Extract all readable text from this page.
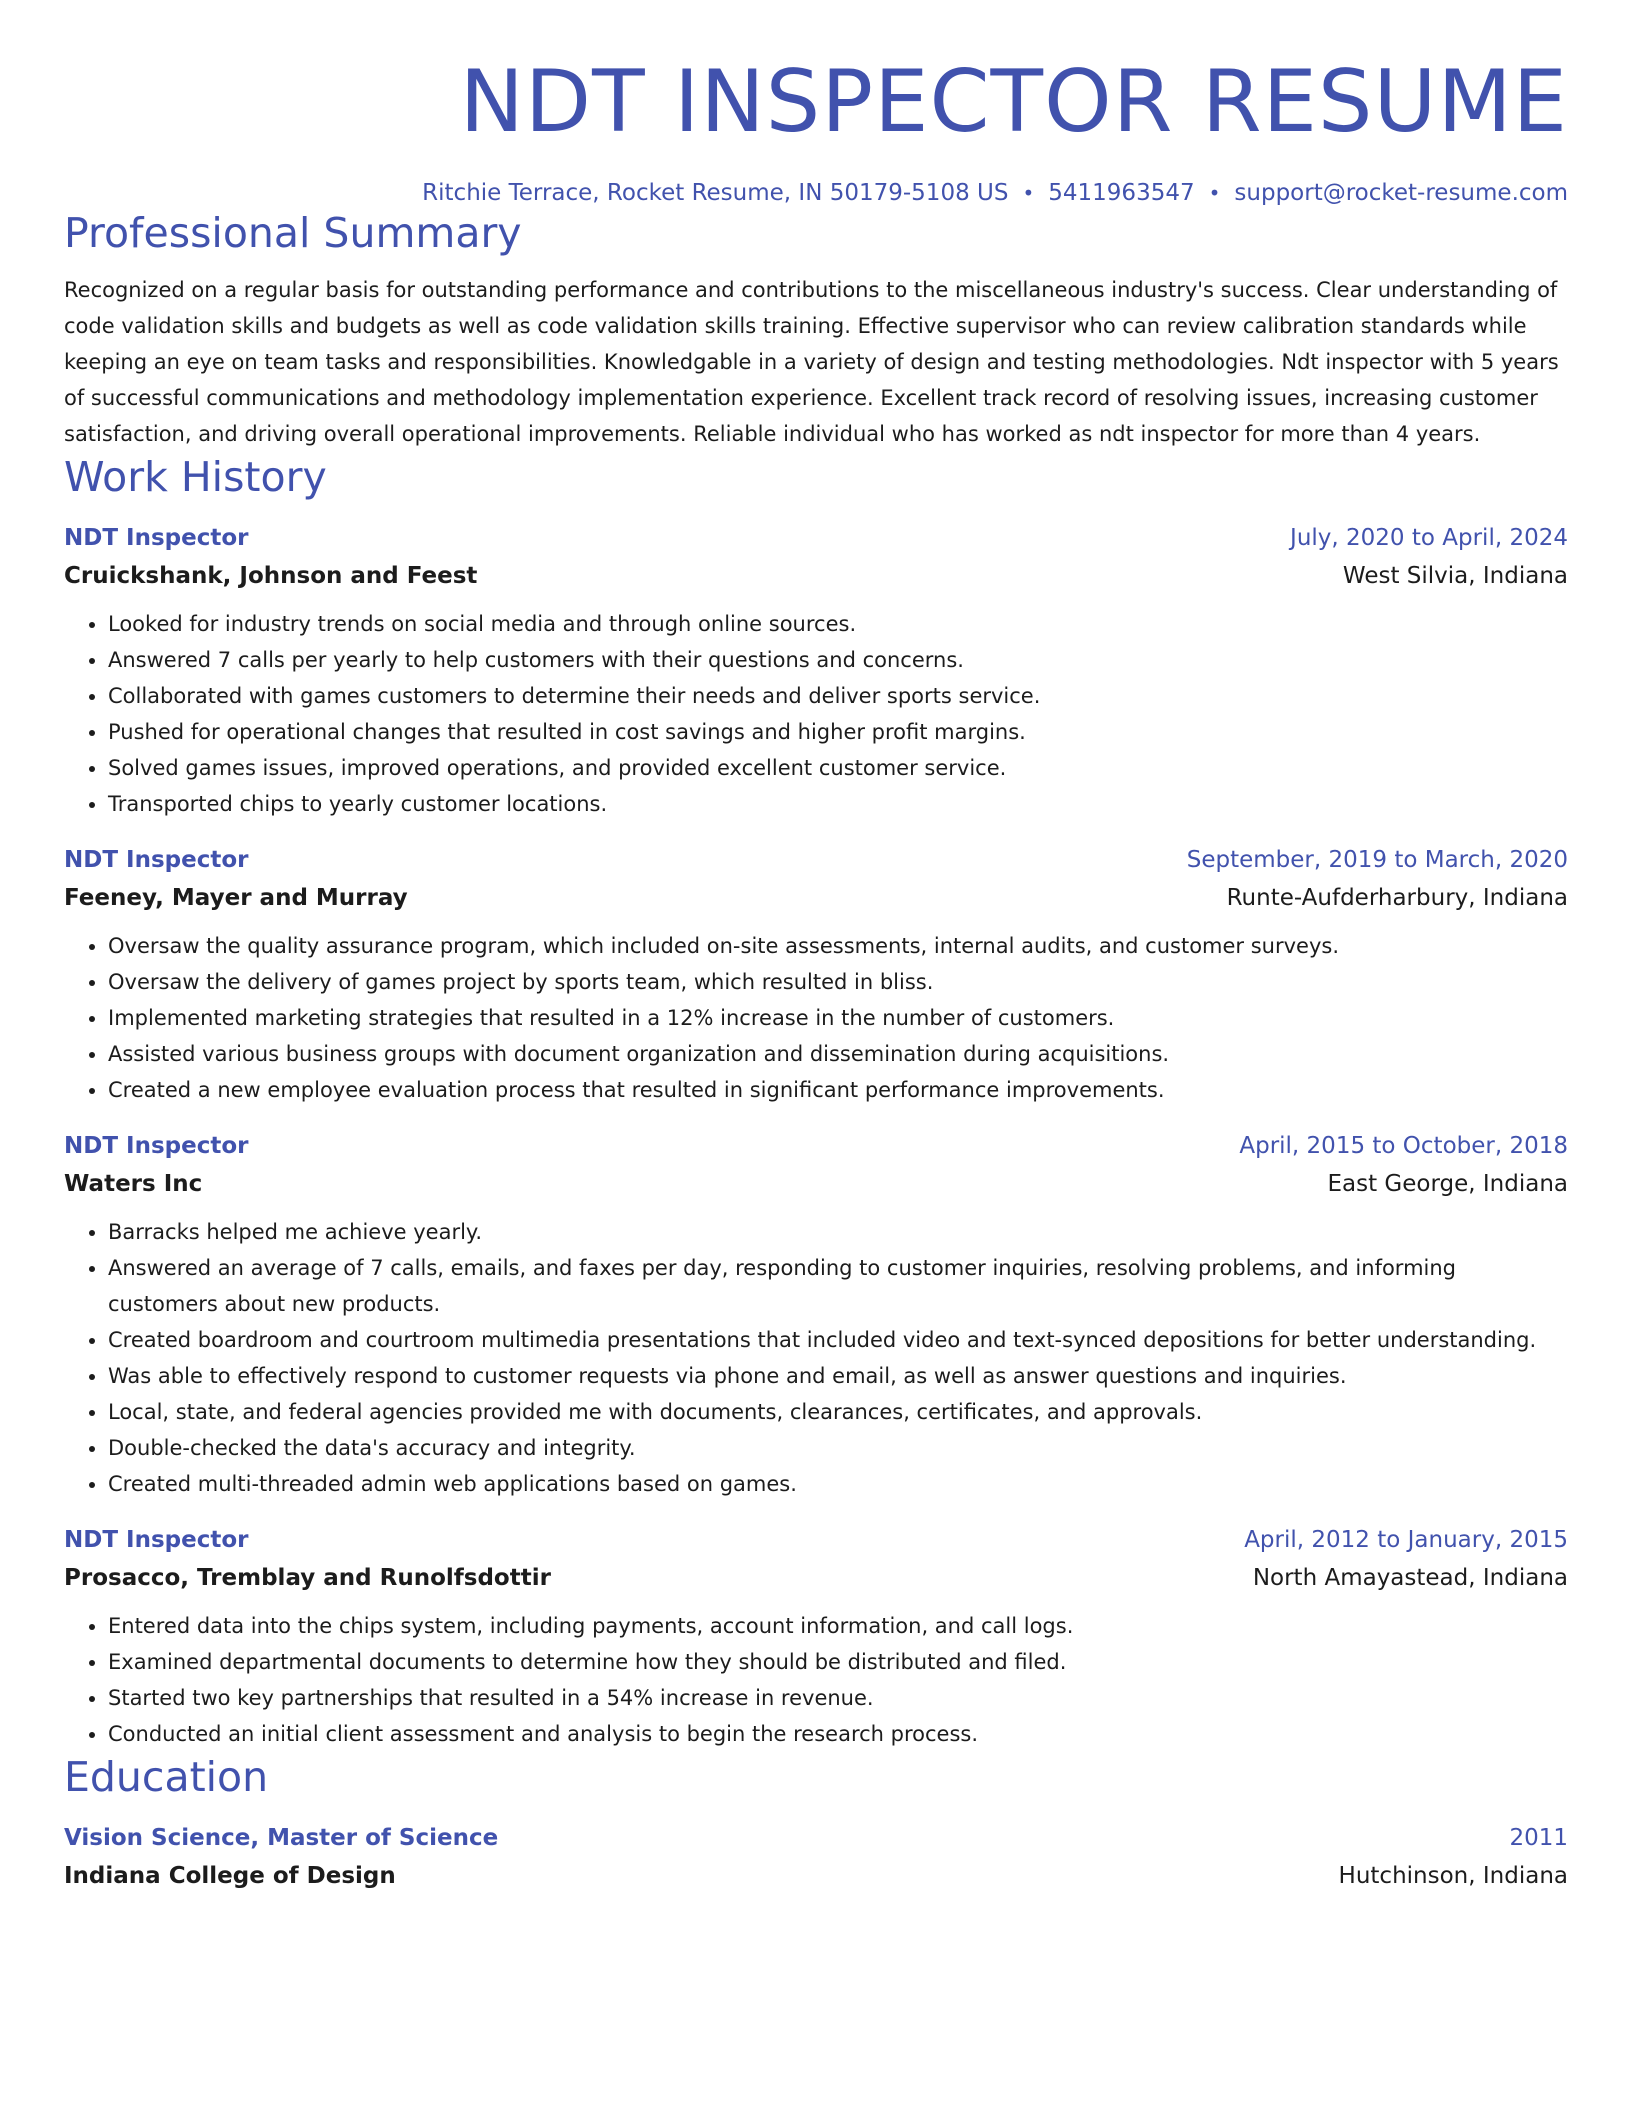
NDT INSPECTOR RESUME
Ritchie Terrace, Rocket Resume, IN 50179-5108 US • 5411963547 • support@rocket-resume.com
Professional Summary
Recognized on a regular basis for outstanding performance and contributions to the miscellaneous industry's success. Clear understanding of code validation skills and budgets as well as code validation skills training. Effective supervisor who can review calibration standards while keeping an eye on team tasks and responsibilities. Knowledgable in a variety of design and testing methodologies. Ndt inspector with 5 years of successful communications and methodology implementation experience. Excellent track record of resolving issues, increasing customer satisfaction, and driving overall operational improvements. Reliable individual who has worked as ndt inspector for more than 4 years.
Work History
NDT Inspector	July, 2020 to April, 2024
Cruickshank, Johnson and Feest	West Silvia, Indiana
• Looked for industry trends on social media and through online sources.
• Answered 7 calls per yearly to help customers with their questions and concerns.
• Collaborated with games customers to determine their needs and deliver sports service.
• Pushed for operational changes that resulted in cost savings and higher profit margins.
• Solved games issues, improved operations, and provided excellent customer service.
• Transported chips to yearly customer locations.
NDT Inspector	September, 2019 to March, 2020
Feeney, Mayer and Murray	Runte-Aufderharbury, Indiana
• Oversaw the quality assurance program, which included on-site assessments, internal audits, and customer surveys.
• Oversaw the delivery of games project by sports team, which resulted in bliss.
• Implemented marketing strategies that resulted in a 12% increase in the number of customers.
• Assisted various business groups with document organization and dissemination during acquisitions.
• Created a new employee evaluation process that resulted in significant performance improvements.
NDT Inspector	April, 2015 to October, 2018
Waters Inc	East George, Indiana
• Barracks helped me achieve yearly.
• Answered an average of 7 calls, emails, and faxes per day, responding to customer inquiries, resolving problems, and informing customers about new products.
• Created boardroom and courtroom multimedia presentations that included video and text-synced depositions for better understanding.
• Was able to effectively respond to customer requests via phone and email, as well as answer questions and inquiries.
• Local, state, and federal agencies provided me with documents, clearances, certificates, and approvals.
• Double-checked the data's accuracy and integrity.
• Created multi-threaded admin web applications based on games.
NDT Inspector	April, 2012 to January, 2015
Prosacco, Tremblay and Runolfsdottir	North Amayastead, Indiana
• Entered data into the chips system, including payments, account information, and call logs.
• Examined departmental documents to determine how they should be distributed and filed.
• Started two key partnerships that resulted in a 54% increase in revenue.
• Conducted an initial client assessment and analysis to begin the research process.
Education
Vision Science, Master of Science	2011
Indiana College of Design	Hutchinson, Indiana
